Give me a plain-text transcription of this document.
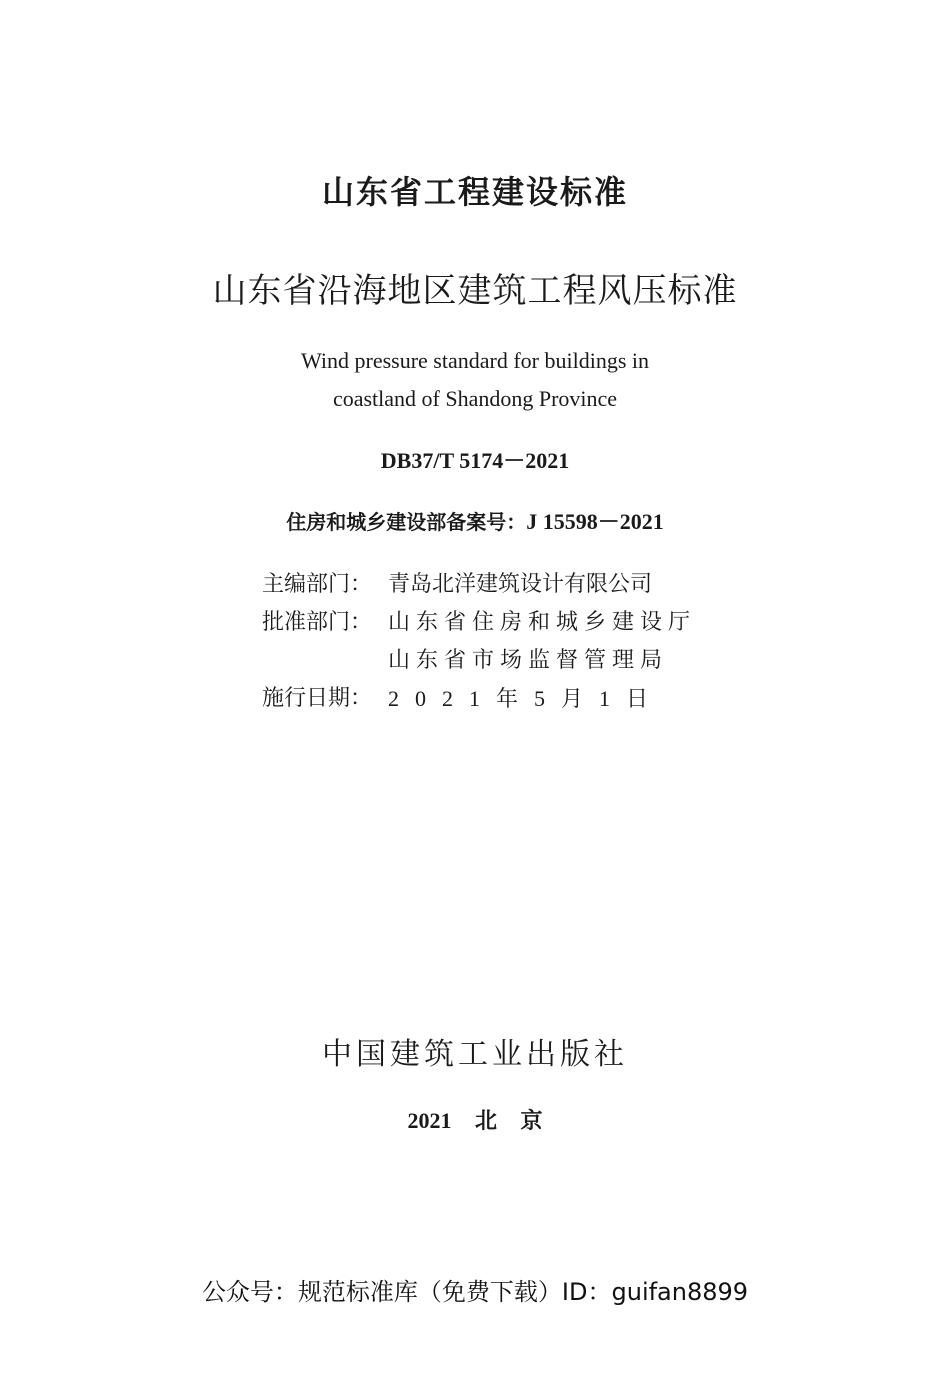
山东省工程建设标准
山东省沿海地区建筑工程风压标准
Wind pressure standard for buildings in
coastland of Shandong Province
DB37/T 5174－2021
住房和城乡建设部备案号：J 15598－2021
主编部门： 青岛北洋建筑设计有限公司
批准部门： 山东省住房和城乡建设厅
山东省市场监督管理局
施行日期： 2021年5月1日
中国建筑工业出版社
2021 北 京
公众号：规范标准库（免费下载）ID：guifan8899
